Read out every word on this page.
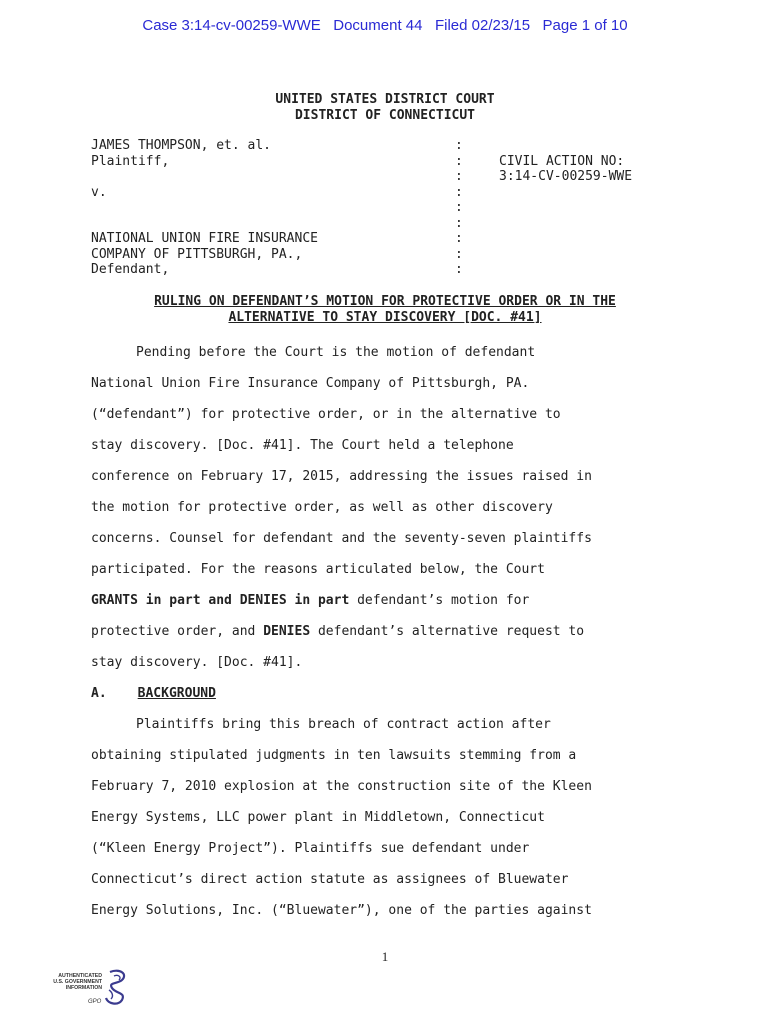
Case 3:14-cv-00259-WWE   Document 44   Filed 02/23/15   Page 1 of 10
UNITED STATES DISTRICT COURT
DISTRICT OF CONNECTICUT
JAMES THOMPSON, et. al.
Plaintiff,
v.
NATIONAL UNION FIRE INSURANCE
COMPANY OF PITTSBURGH, PA.,
Defendant,
:
:
:
:
:
:
:
:
:
CIVIL ACTION NO:
3:14-CV-00259-WWE
RULING ON DEFENDANT’S MOTION FOR PROTECTIVE ORDER OR IN THE
ALTERNATIVE TO STAY DISCOVERY [DOC. #41]
Pending before the Court is the motion of defendant
National Union Fire Insurance Company of Pittsburgh, PA.
(“defendant”) for protective order, or in the alternative to
stay discovery. [Doc. #41]. The Court held a telephone
conference on February 17, 2015, addressing the issues raised in
the motion for protective order, as well as other discovery
concerns. Counsel for defendant and the seventy-seven plaintiffs
participated. For the reasons articulated below, the Court
GRANTS in part and DENIES in part defendant’s motion for
protective order, and DENIES defendant’s alternative request to
stay discovery. [Doc. #41].
A. BACKGROUND
Plaintiffs bring this breach of contract action after
obtaining stipulated judgments in ten lawsuits stemming from a
February 7, 2010 explosion at the construction site of the Kleen
Energy Systems, LLC power plant in Middletown, Connecticut
(“Kleen Energy Project”). Plaintiffs sue defendant under
Connecticut’s direct action statute as assignees of Bluewater
Energy Solutions, Inc. (“Bluewater”), one of the parties against
1
AUTHENTICATED
U.S. GOVERNMENT
INFORMATION
GPO
